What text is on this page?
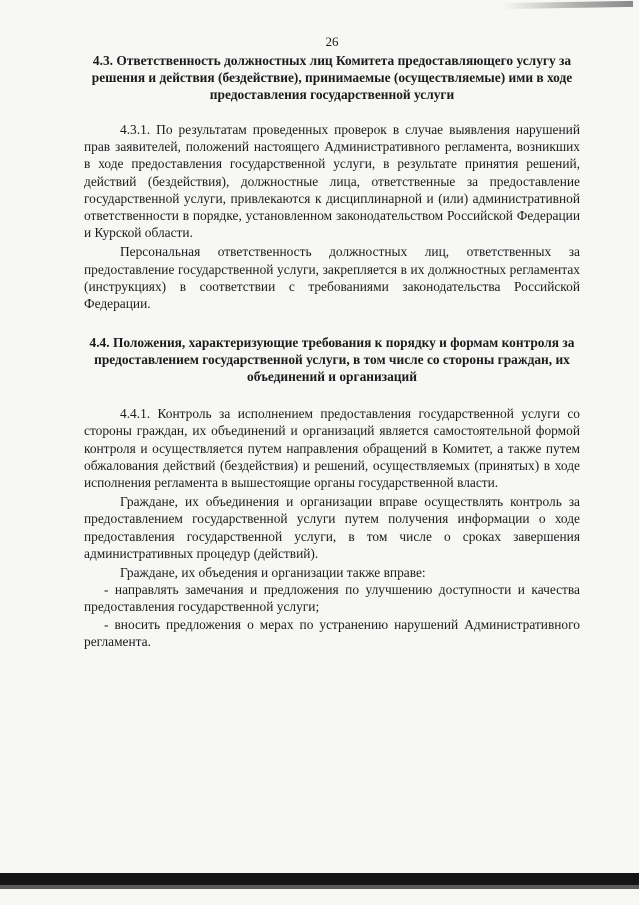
26

4.3. Ответственность должностных лиц Комитета предоставляющего услугу за решения и действия (бездействие), принимаемые (осуществляемые) ими в ходе предоставления государственной услуги

4.3.1. По результатам проведенных проверок в случае выявления нарушений прав заявителей, положений настоящего Административного регламента, возникших в ходе предоставления государственной услуги, в результате принятия решений, действий (бездействия), должностные лица, ответственные за предоставление государственной услуги, привлекаются к дисциплинарной и (или) административной ответственности в порядке, установленном законодательством Российской Федерации и Курской области.

Персональная ответственность должностных лиц, ответственных за предоставление государственной услуги, закрепляется в их должностных регламентах (инструкциях) в соответствии с требованиями законодательства Российской Федерации.

4.4. Положения, характеризующие требования к порядку и формам контроля за предоставлением государственной услуги, в том числе со стороны граждан, их объединений и организаций

4.4.1. Контроль за исполнением предоставления государственной услуги со стороны граждан, их объединений и организаций является самостоятельной формой контроля и осуществляется путем направления обращений в Комитет, а также путем обжалования действий (бездействия) и решений, осуществляемых (принятых) в ходе исполнения регламента в вышестоящие органы государственной власти.

Граждане, их объединения и организации вправе осуществлять контроль за предоставлением государственной услуги путем получения информации о ходе предоставления государственной услуги, в том числе о сроках завершения административных процедур (действий).

Граждане, их объедения и организации также вправе:

- направлять замечания и предложения по улучшению доступности и качества предоставления государственной услуги;

- вносить предложения о мерах по устранению нарушений Административного регламента.
